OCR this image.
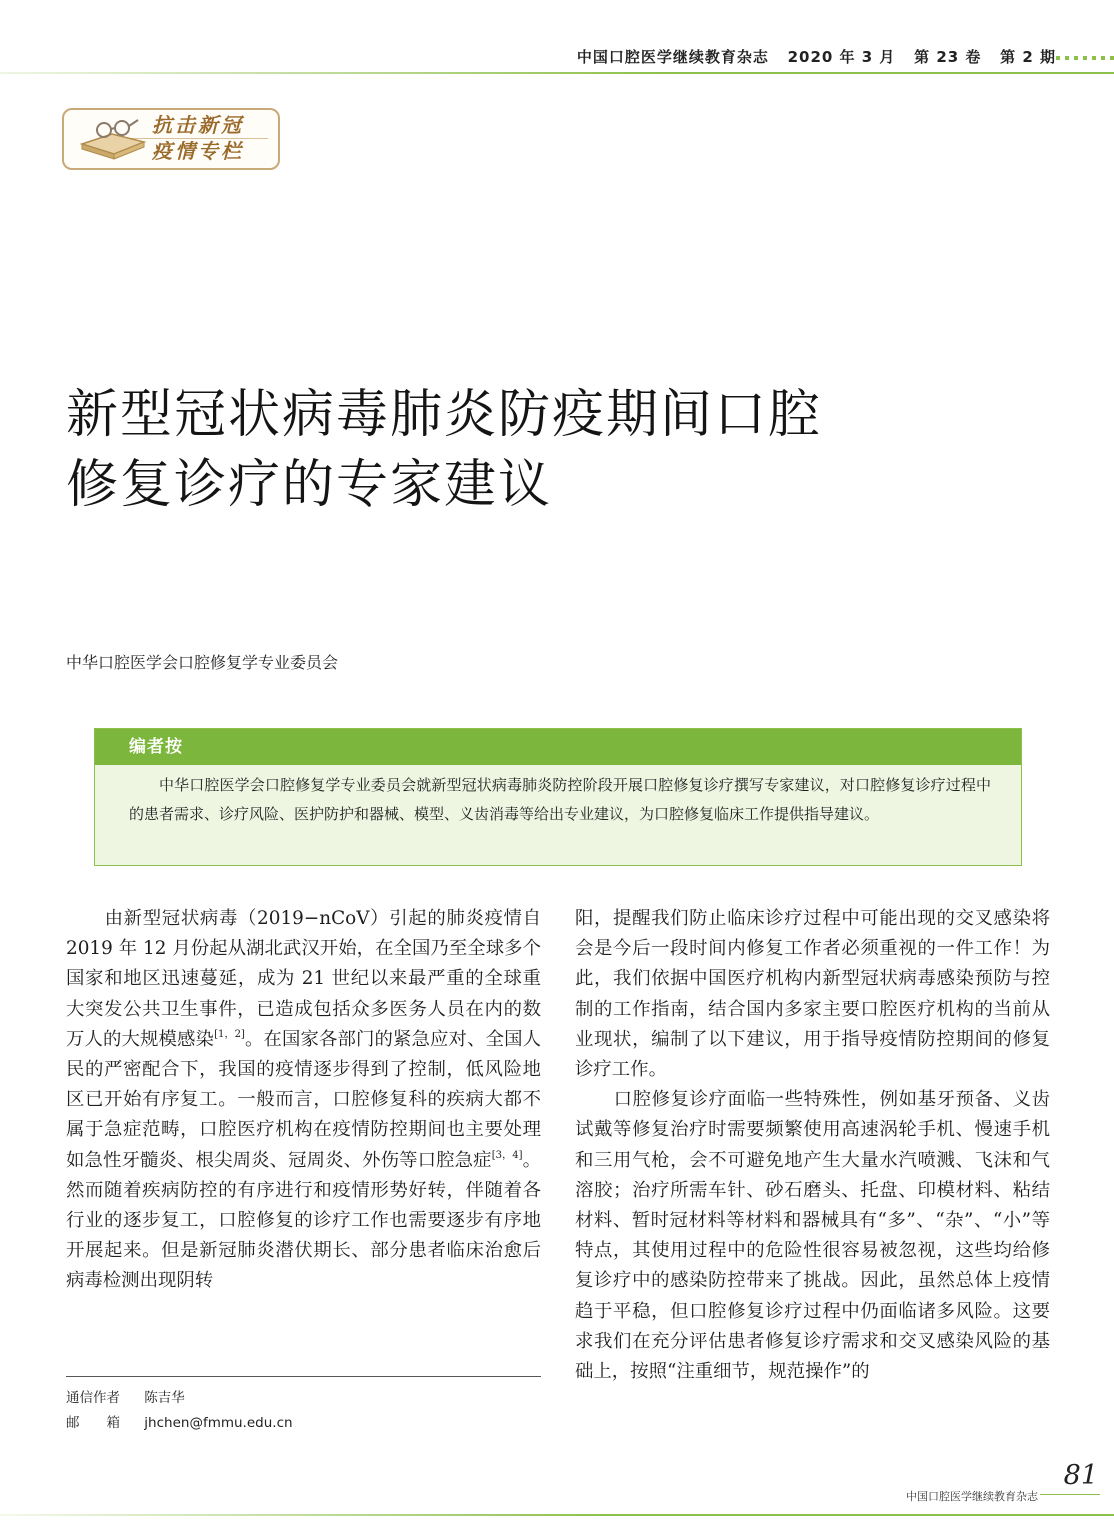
中国口腔医学继续教育杂志 2020 年 3 月 第 23 卷 第 2 期
抗击新冠
疫情专栏
新型冠状病毒肺炎防疫期间口腔
修复诊疗的专家建议
中华口腔医学会口腔修复学专业委员会
编者按
中华口腔医学会口腔修复学专业委员会就新型冠状病毒肺炎防控阶段开展口腔修复诊疗撰写专家建议，对口腔修复诊疗过程中的患者需求、诊疗风险、医护防护和器械、模型、义齿消毒等给出专业建议，为口腔修复临床工作提供指导建议。

由新型冠状病毒（2019−nCoV）引起的肺炎疫情自 2019 年 12 月份起从湖北武汉开始，在全国乃至全球多个国家和地区迅速蔓延，成为 21 世纪以来最严重的全球重大突发公共卫生事件，已造成包括众多医务人员在内的数万人的大规模感染[1，2]。在国家各部门的紧急应对、全国人民的严密配合下，我国的疫情逐步得到了控制，低风险地区已开始有序复工。一般而言，口腔修复科的疾病大都不属于急症范畴，口腔医疗机构在疫情防控期间也主要处理如急性牙髓炎、根尖周炎、冠周炎、外伤等口腔急症[3，4]。然而随着疾病防控的有序进行和疫情形势好转，伴随着各行业的逐步复工，口腔修复的诊疗工作也需要逐步有序地开展起来。但是新冠肺炎潜伏期长、部分患者临床治愈后病毒检测出现阴转

阳，提醒我们防止临床诊疗过程中可能出现的交叉感染将会是今后一段时间内修复工作者必须重视的一件工作！为此，我们依据中国医疗机构内新型冠状病毒感染预防与控制的工作指南，结合国内多家主要口腔医疗机构的当前从业现状，编制了以下建议，用于指导疫情防控期间的修复诊疗工作。

口腔修复诊疗面临一些特殊性，例如基牙预备、义齿试戴等修复治疗时需要频繁使用高速涡轮手机、慢速手机和三用气枪，会不可避免地产生大量水汽喷溅、飞沫和气溶胶；治疗所需车针、砂石磨头、托盘、印模材料、粘结材料、暂时冠材料等材料和器械具有“多”、“杂”、“小”等特点，其使用过程中的危险性很容易被忽视，这些均给修复诊疗中的感染防控带来了挑战。因此，虽然总体上疫情趋于平稳，但口腔修复诊疗过程中仍面临诸多风险。这要求我们在充分评估患者修复诊疗需求和交叉感染风险的基础上，按照“注重细节，规范操作”的

通信作者 陈吉华
邮　　箱 jhchen@fmmu.edu.cn
81
中国口腔医学继续教育杂志
